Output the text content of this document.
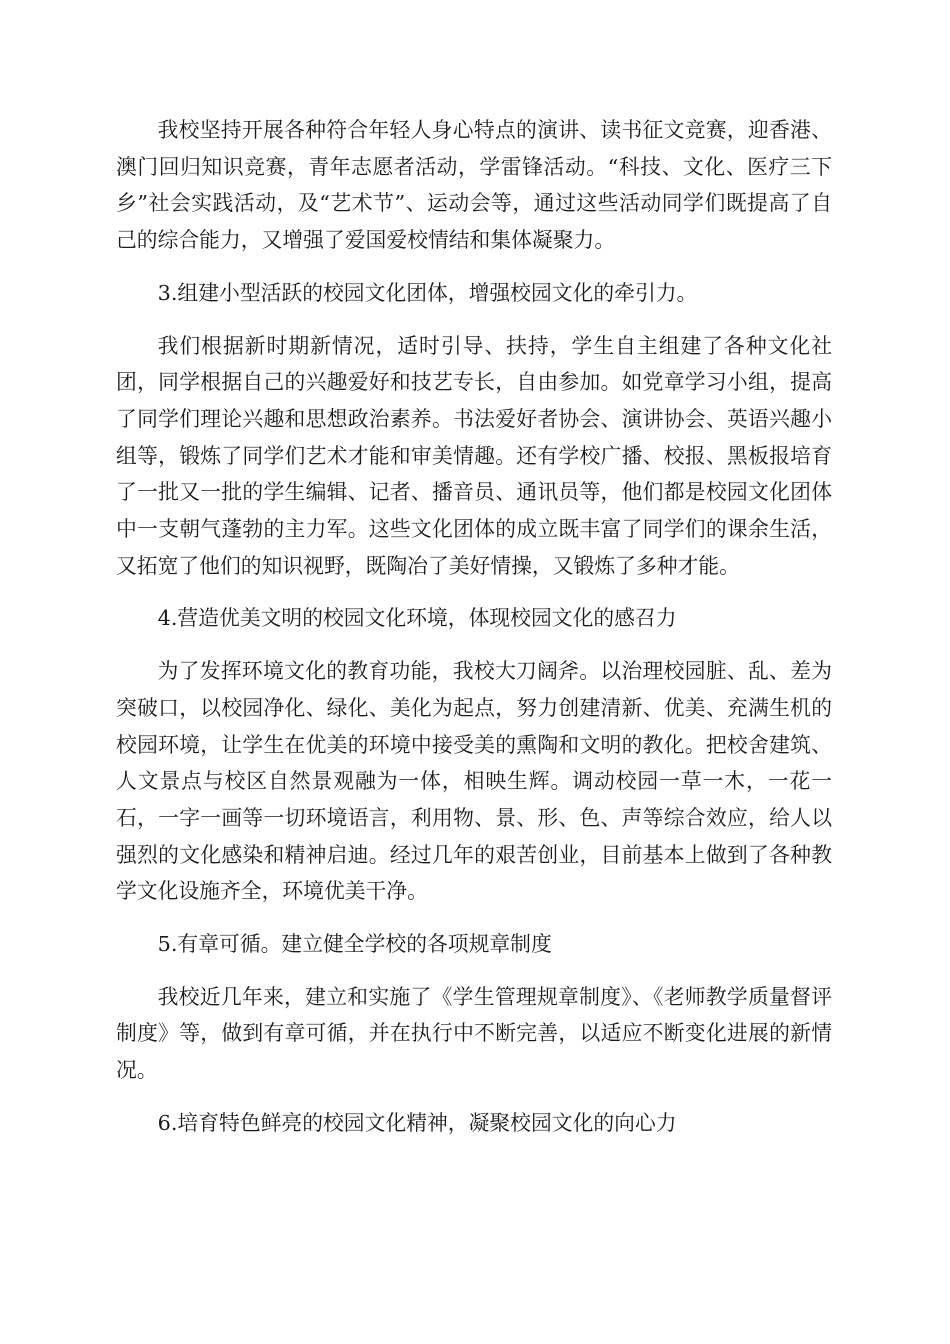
我校坚持开展各种符合年轻人身心特点的演讲、读书征文竞赛，迎香港、澳门回归知识竞赛，青年志愿者活动，学雷锋活动。“科技、文化、医疗三下乡”社会实践活动，及“艺术节”、运动会等，通过这些活动同学们既提高了自己的综合能力，又增强了爱国爱校情结和集体凝聚力。

3.组建小型活跃的校园文化团体，增强校园文化的牵引力。

我们根据新时期新情况，适时引导、扶持，学生自主组建了各种文化社团，同学根据自己的兴趣爱好和技艺专长，自由参加。如党章学习小组，提高了同学们理论兴趣和思想政治素养。书法爱好者协会、演讲协会、英语兴趣小组等，锻炼了同学们艺术才能和审美情趣。还有学校广播、校报、黑板报培育了一批又一批的学生编辑、记者、播音员、通讯员等，他们都是校园文化团体中一支朝气蓬勃的主力军。这些文化团体的成立既丰富了同学们的课余生活，又拓宽了他们的知识视野，既陶冶了美好情操，又锻炼了多种才能。

4.营造优美文明的校园文化环境，体现校园文化的感召力

为了发挥环境文化的教育功能，我校大刀阔斧。以治理校园脏、乱、差为突破口，以校园净化、绿化、美化为起点，努力创建清新、优美、充满生机的校园环境，让学生在优美的环境中接受美的熏陶和文明的教化。把校舍建筑、人文景点与校区自然景观融为一体，相映生辉。调动校园一草一木，一花一石，一字一画等一切环境语言，利用物、景、形、色、声等综合效应，给人以强烈的文化感染和精神启迪。经过几年的艰苦创业，目前基本上做到了各种教学文化设施齐全，环境优美干净。

5.有章可循。建立健全学校的各项规章制度

我校近几年来，建立和实施了《学生管理规章制度》、《老师教学质量督评制度》等，做到有章可循，并在执行中不断完善，以适应不断变化进展的新情况。

6.培育特色鲜亮的校园文化精神，凝聚校园文化的向心力
